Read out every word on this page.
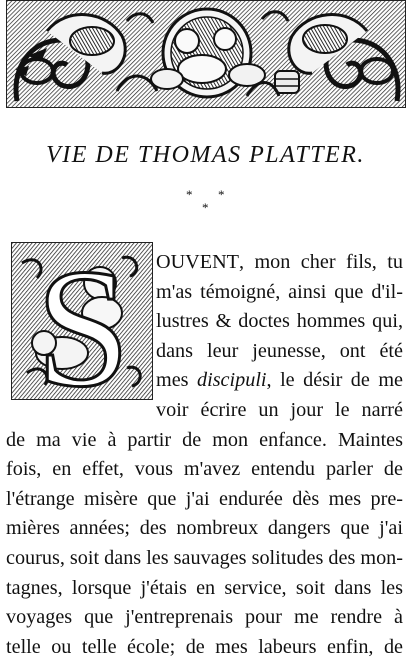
VIE DE THOMAS PLATTER.
* *
*
S	OUVENT, mon cher fils, tu
m'as témoigné, ainsi que d'il-
lustres & doctes hommes qui,
dans leur jeunesse, ont été
mes discipuli, le désir de me
voir écrire un jour le narré
de ma vie à partir de mon enfance. Maintes
fois, en effet, vous m'avez entendu parler de
l'étrange misère que j'ai endurée dès mes pre-
mières années; des nombreux dangers que j'ai
courus, soit dans les sauvages solitudes des mon-
tagnes, lorsque j'étais en service, soit dans les
voyages que j'entreprenais pour me rendre à
telle ou telle école; de mes labeurs enfin, de
